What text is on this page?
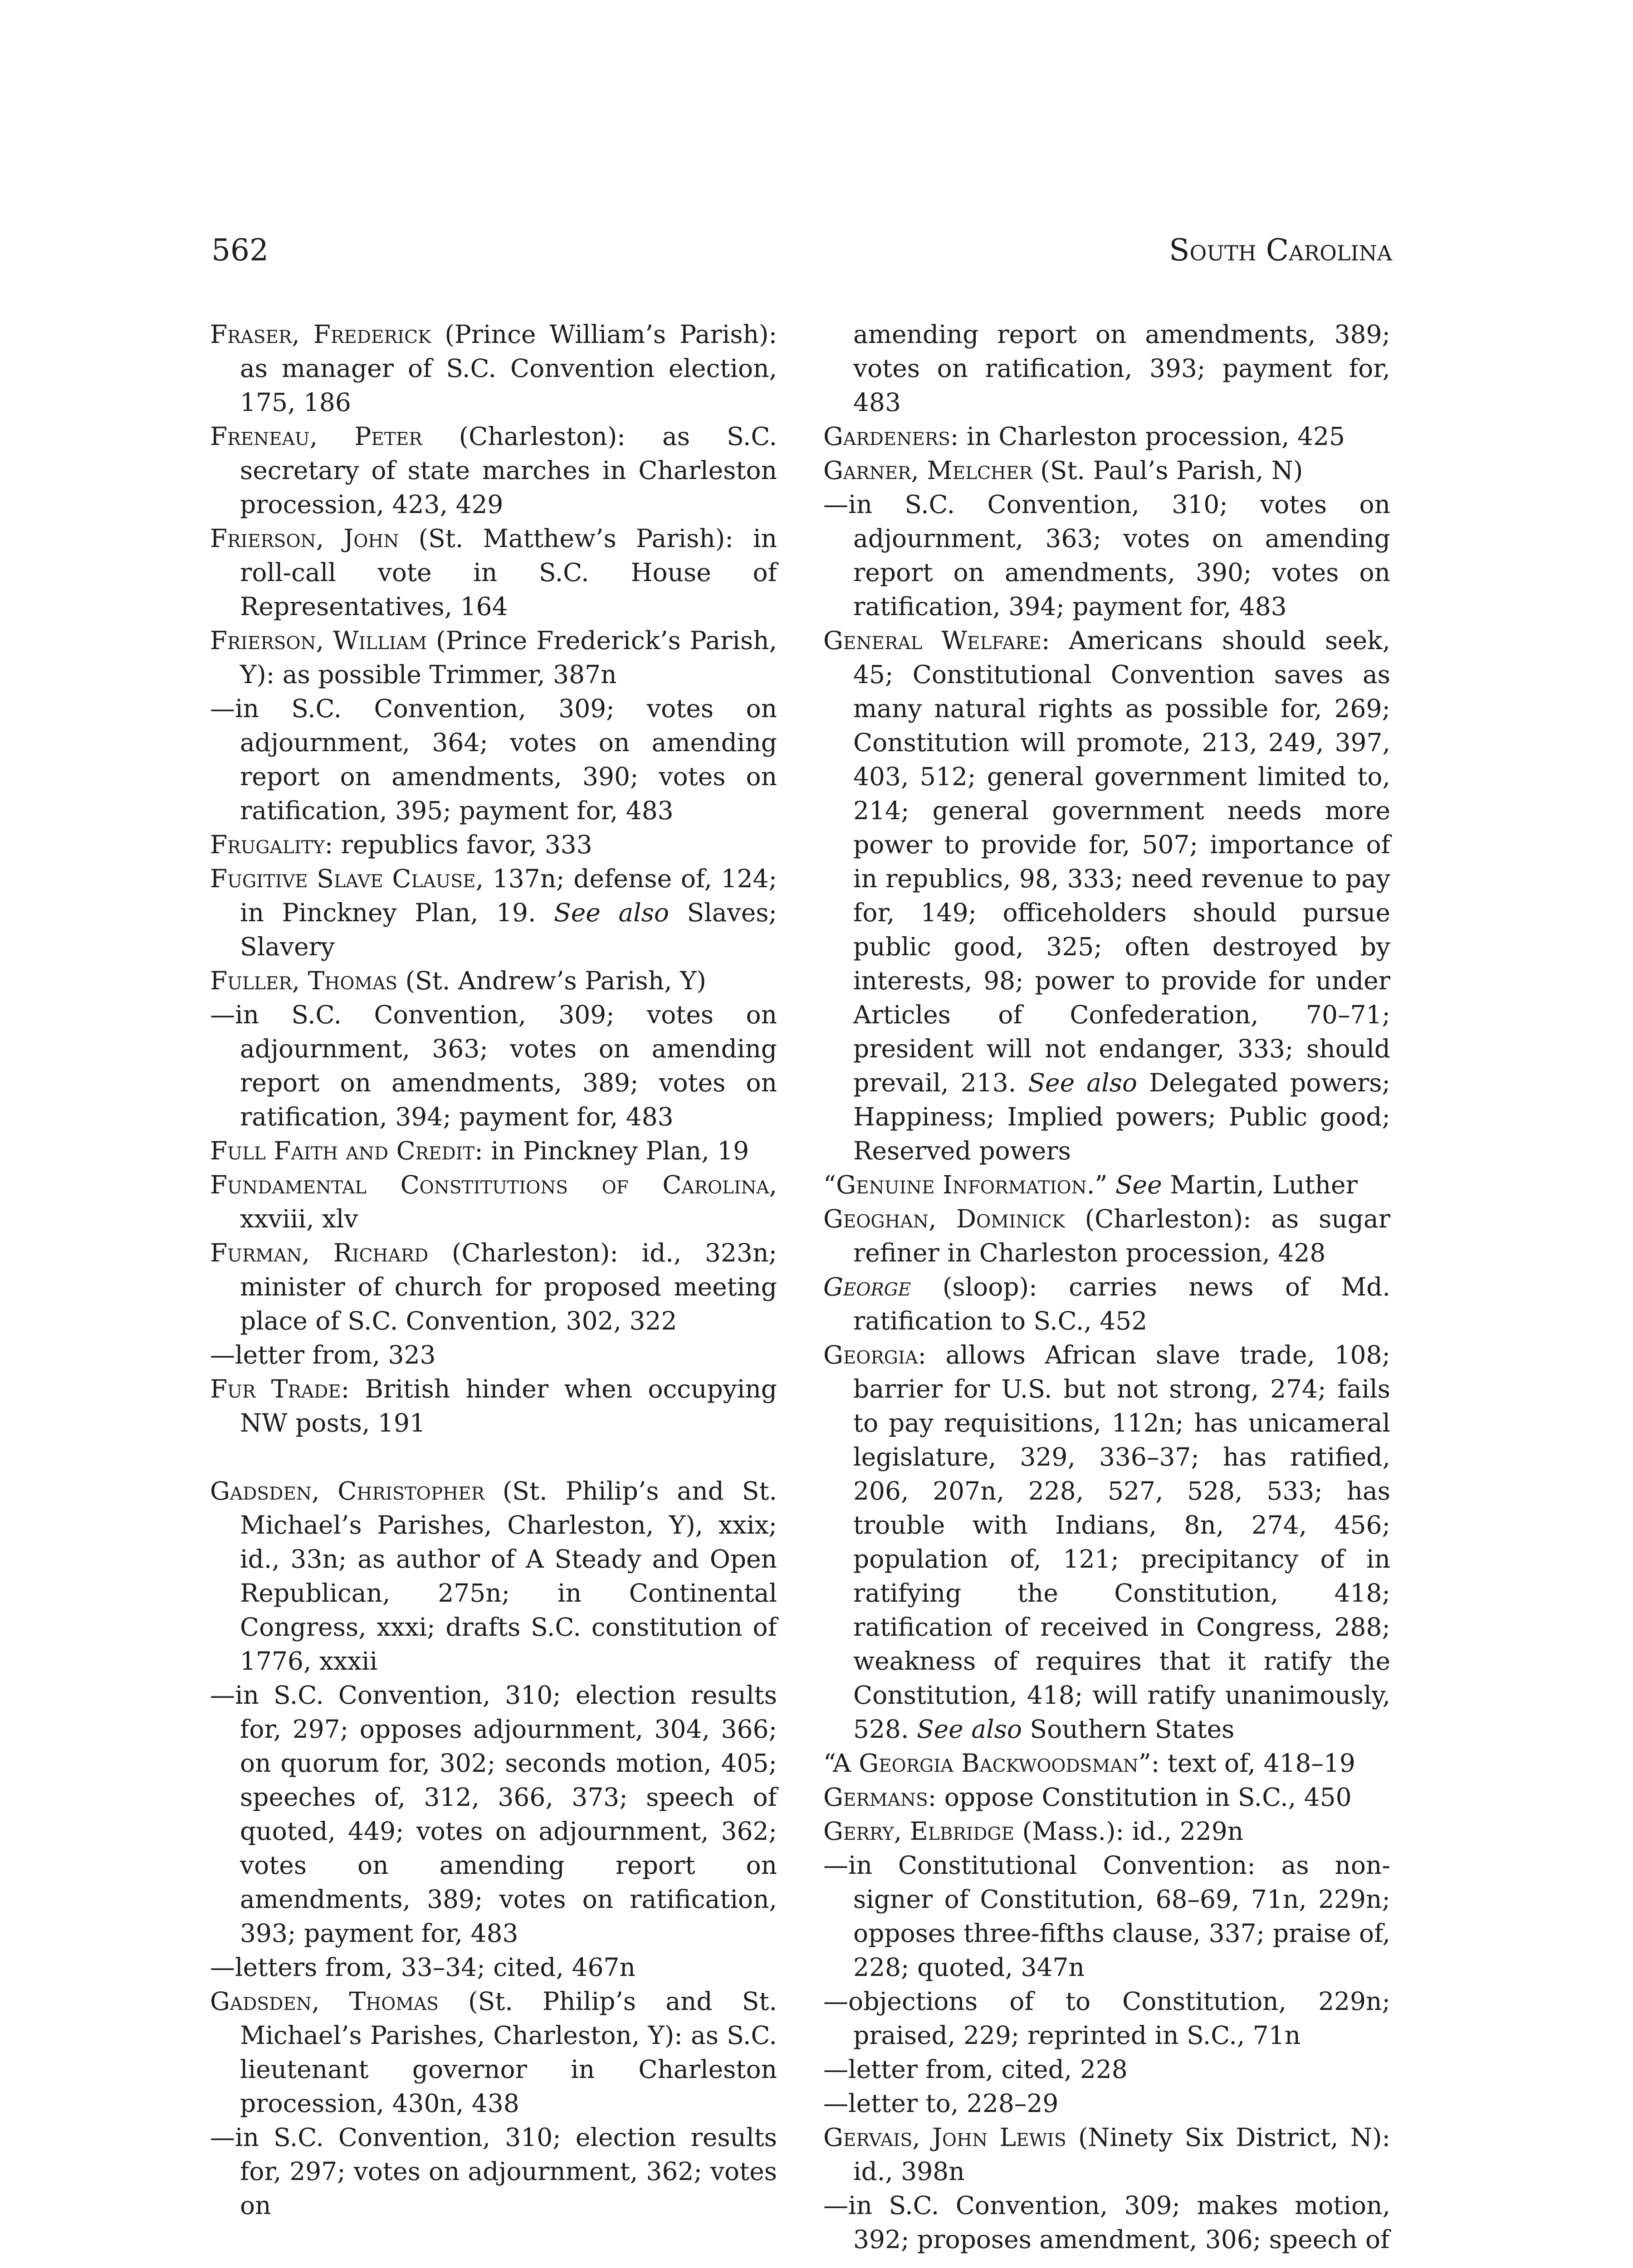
562	South Carolina

Fraser, Frederick (Prince William’s Parish): as manager of S.C. Convention election, 175, 186

Freneau, Peter (Charleston): as S.C. secretary of state marches in Charleston procession, 423, 429

Frierson, John (St. Matthew’s Parish): in roll-call vote in S.C. House of Representatives, 164

Frierson, William (Prince Frederick’s Parish, Y): as possible Trimmer, 387n

— in S.C. Convention, 309; votes on adjournment, 364; votes on amending report on amendments, 390; votes on ratification, 395; payment for, 483

Frugality: republics favor, 333

Fugitive Slave Clause, 137n; defense of, 124; in Pinckney Plan, 19. See also Slaves; Slavery

Fuller, Thomas (St. Andrew’s Parish, Y)

— in S.C. Convention, 309; votes on adjournment, 363; votes on amending report on amendments, 389; votes on ratification, 394; payment for, 483

Full Faith and Credit: in Pinckney Plan, 19

Fundamental Constitutions of Carolina, xxviii, xlv

Furman, Richard (Charleston): id., 323n; minister of church for proposed meeting place of S.C. Convention, 302, 322

— letter from, 323

Fur Trade: British hinder when occupying NW posts, 191

Gadsden, Christopher (St. Philip’s and St. Michael’s Parishes, Charleston, Y), xxix; id., 33n; as author of A Steady and Open Republican, 275n; in Continental Congress, xxxi; drafts S.C. constitution of 1776, xxxii

— in S.C. Convention, 310; election results for, 297; opposes adjournment, 304, 366; on quorum for, 302; seconds motion, 405; speeches of, 312, 366, 373; speech of quoted, 449; votes on adjournment, 362; votes on amending report on amendments, 389; votes on ratification, 393; payment for, 483

— letters from, 33–34; cited, 467n

Gadsden, Thomas (St. Philip’s and St. Michael’s Parishes, Charleston, Y): as S.C. lieutenant governor in Charleston procession, 430n, 438

— in S.C. Convention, 310; election results for, 297; votes on adjournment, 362; votes on

amending report on amendments, 389; votes on ratification, 393; payment for, 483

Gardeners: in Charleston procession, 425

Garner, Melcher (St. Paul’s Parish, N)

— in S.C. Convention, 310; votes on adjournment, 363; votes on amending report on amendments, 390; votes on ratification, 394; payment for, 483

General Welfare: Americans should seek, 45; Constitutional Convention saves as many natural rights as possible for, 269; Constitution will promote, 213, 249, 397, 403, 512; general government limited to, 214; general government needs more power to provide for, 507; importance of in republics, 98, 333; need revenue to pay for, 149; officeholders should pursue public good, 325; often destroyed by interests, 98; power to provide for under Articles of Confederation, 70–71; president will not endanger, 333; should prevail, 213. See also Delegated powers; Happiness; Implied powers; Public good; Reserved powers

“Genuine Information.” See Martin, Luther

Geoghan, Dominick (Charleston): as sugar refiner in Charleston procession, 428

George (sloop): carries news of Md. ratification to S.C., 452

Georgia: allows African slave trade, 108; barrier for U.S. but not strong, 274; fails to pay requisitions, 112n; has unicameral legislature, 329, 336–37; has ratified, 206, 207n, 228, 527, 528, 533; has trouble with Indians, 8n, 274, 456; population of, 121; precipitancy of in ratifying the Constitution, 418; ratification of received in Congress, 288; weakness of requires that it ratify the Constitution, 418; will ratify unanimously, 528. See also Southern States

“A Georgia Backwoodsman”: text of, 418–19

Germans: oppose Constitution in S.C., 450

Gerry, Elbridge (Mass.): id., 229n

— in Constitutional Convention: as non-signer of Constitution, 68–69, 71n, 229n; opposes three-fifths clause, 337; praise of, 228; quoted, 347n

— objections of to Constitution, 229n; praised, 229; reprinted in S.C., 71n

— letter from, cited, 228

— letter to, 228–29

Gervais, John Lewis (Ninety Six District, N): id., 398n

— in S.C. Convention, 309; makes motion, 392; proposes amendment, 306; speech of
